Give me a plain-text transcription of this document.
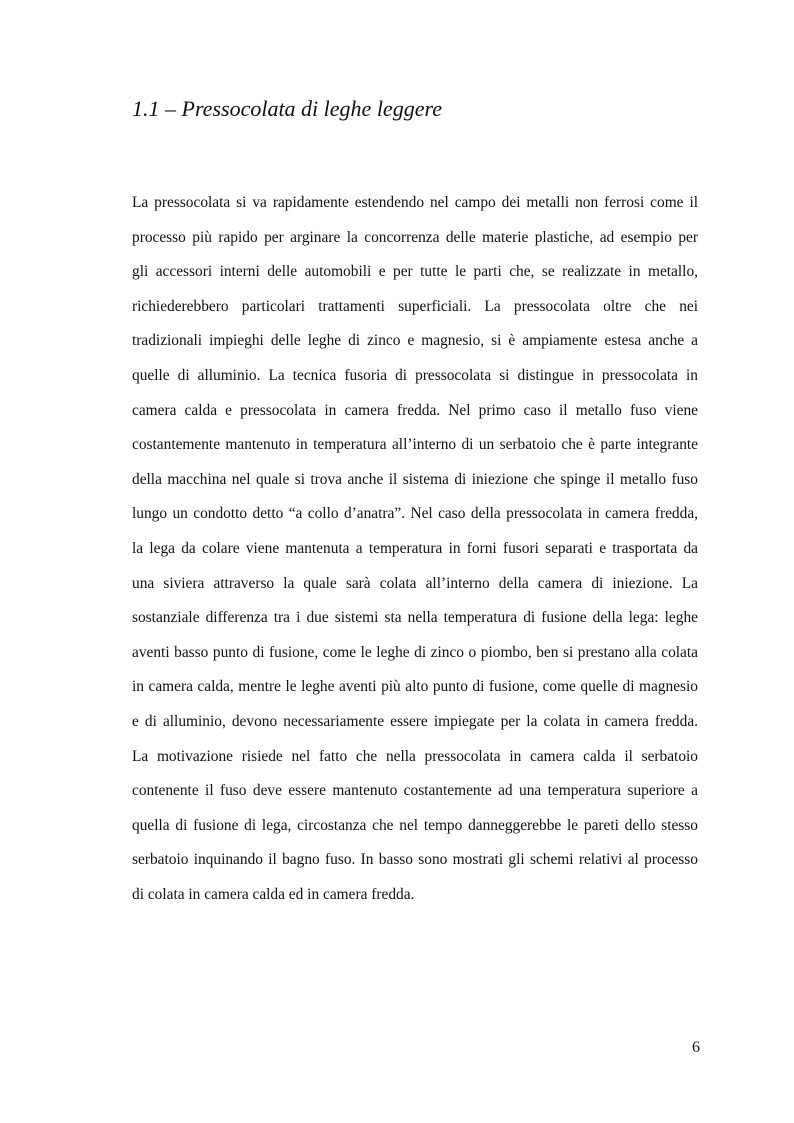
1.1 – Pressocolata di leghe leggere
La pressocolata si va rapidamente estendendo nel campo dei metalli non ferrosi come il
processo più rapido per arginare la concorrenza delle materie plastiche, ad esempio per
gli accessori interni delle automobili e per tutte le parti che, se realizzate in metallo,
richiederebbero particolari trattamenti superficiali. La pressocolata oltre che nei
tradizionali impieghi delle leghe di zinco e magnesio, si è ampiamente estesa anche a
quelle di alluminio. La tecnica fusoria di pressocolata si distingue in pressocolata in
camera calda e pressocolata in camera fredda. Nel primo caso il metallo fuso viene
costantemente mantenuto in temperatura all’interno di un serbatoio che è parte integrante
della macchina nel quale si trova anche il sistema di iniezione che spinge il metallo fuso
lungo un condotto detto “a collo d’anatra”. Nel caso della pressocolata in camera fredda,
la lega da colare viene mantenuta a temperatura in forni fusori separati e trasportata da
una siviera attraverso la quale sarà colata all’interno della camera di iniezione. La
sostanziale differenza tra i due sistemi sta nella temperatura di fusione della lega: leghe
aventi basso punto di fusione, come le leghe di zinco o piombo, ben si prestano alla colata
in camera calda, mentre le leghe aventi più alto punto di fusione, come quelle di magnesio
e di alluminio, devono necessariamente essere impiegate per la colata in camera fredda.
La motivazione risiede nel fatto che nella pressocolata in camera calda il serbatoio
contenente il fuso deve essere mantenuto costantemente ad una temperatura superiore a
quella di fusione di lega, circostanza che nel tempo danneggerebbe le pareti dello stesso
serbatoio inquinando il bagno fuso. In basso sono mostrati gli schemi relativi al processo
di colata in camera calda ed in camera fredda.
6
